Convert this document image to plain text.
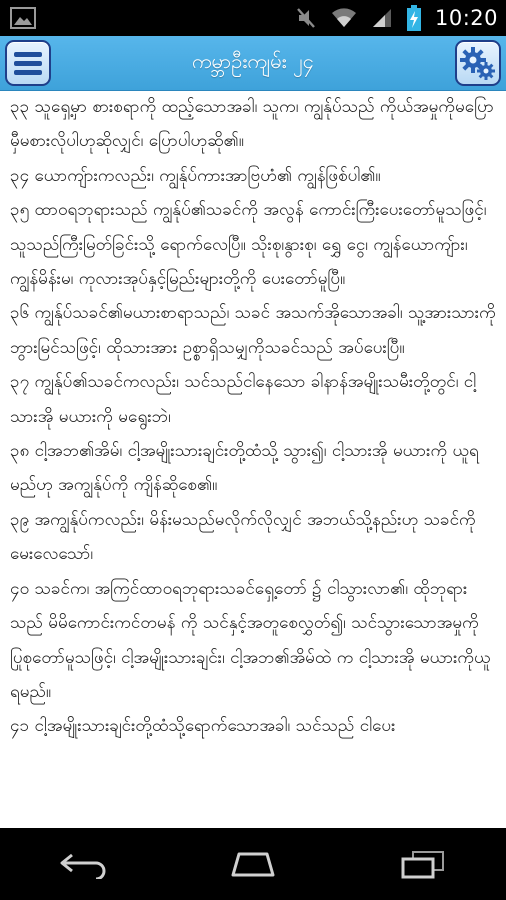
10:20
ကမ္ဘာဦးကျမ်း ၂၄

၃၃ သူရှေ့မှာ စားစရာကို ထည့်သောအခါ၊ သူက၊ ကျွန်ုပ်သည် ကိုယ်အမှုကိုမပြောမှီမစားလိုပါဟုဆိုလျှင်၊ ပြောပါဟုဆို၏။

၃၄ ယောကျ်ားကလည်း၊ ကျွန်ုပ်ကားအာဗြဟံ၏ ကျွန်ဖြစ်ပါ၏။

၃၅ ထာဝရဘုရားသည် ကျွန်ုပ်၏သခင်ကို အလွန် ကောင်းကြီးပေးတော်မူသဖြင့်၊ သူသည်ကြီးမြတ်ခြင်းသို့ ရောက်လေပြီ။ သိုးစု၊နွားစု၊ ရွှေ ငွေ၊ ကျွန်ယောကျ်ား၊ ကျွန်မိန်းမ၊ ကုလားအုပ်နှင့်မြည်းများတို့ကို ပေးတော်မူပြီ။

၃၆ ကျွန်ုပ်သခင်၏မယားစာရာသည်၊ သခင် အသက်အိုသောအခါ၊ သူ့အားသားကို ဘွားမြင်သဖြင့်၊ ထိုသားအား ဥစ္စာရှိသမျှကိုသခင်သည် အပ်ပေးပြီ။

၃၇ ကျွန်ုပ်၏သခင်ကလည်း၊ သင်သည်ငါနေသော ခါနာန်အမျိုးသမီးတို့တွင်၊ ငါ့သားအို မယားကို မရွေးဘဲ၊

၃၈ ငါ့အဘ၏အိမ်၊ ငါ့အမျိုးသားချင်းတို့ထံသို့ သွား၍၊ ငါ့သားအို မယားကို ယူရမည်ဟု အကျွန်ုပ်ကို ကျိန်ဆိုစေ၏။

၃၉ အကျွန်ုပ်ကလည်း၊ မိန်းမသည်မလိုက်လိုလျှင် အဘယ်သို့နည်းဟု သခင်ကိုမေးလေသော်၊

၄၀ သခင်က၊ အကြင်ထာဝရဘုရားသခင်ရှေ့တော် ၌ ငါသွားလာ၏၊ ထိုဘုရားသည် မိမိကောင်းကင်တမန် ကို သင်နှင့်အတူစေလွှတ်၍၊ သင်သွားသောအမှုကို ပြုစုတော်မူသဖြင့်၊ ငါ့အမျိုးသားချင်း၊ ငါ့အဘ၏အိမ်ထဲ က ငါ့သားအို မယားကိုယူရမည်။

၄၁ ငါ့အမျိုးသားချင်းတို့ထံသို့ရောက်သောအခါ၊ သင်သည် ငါပေး
